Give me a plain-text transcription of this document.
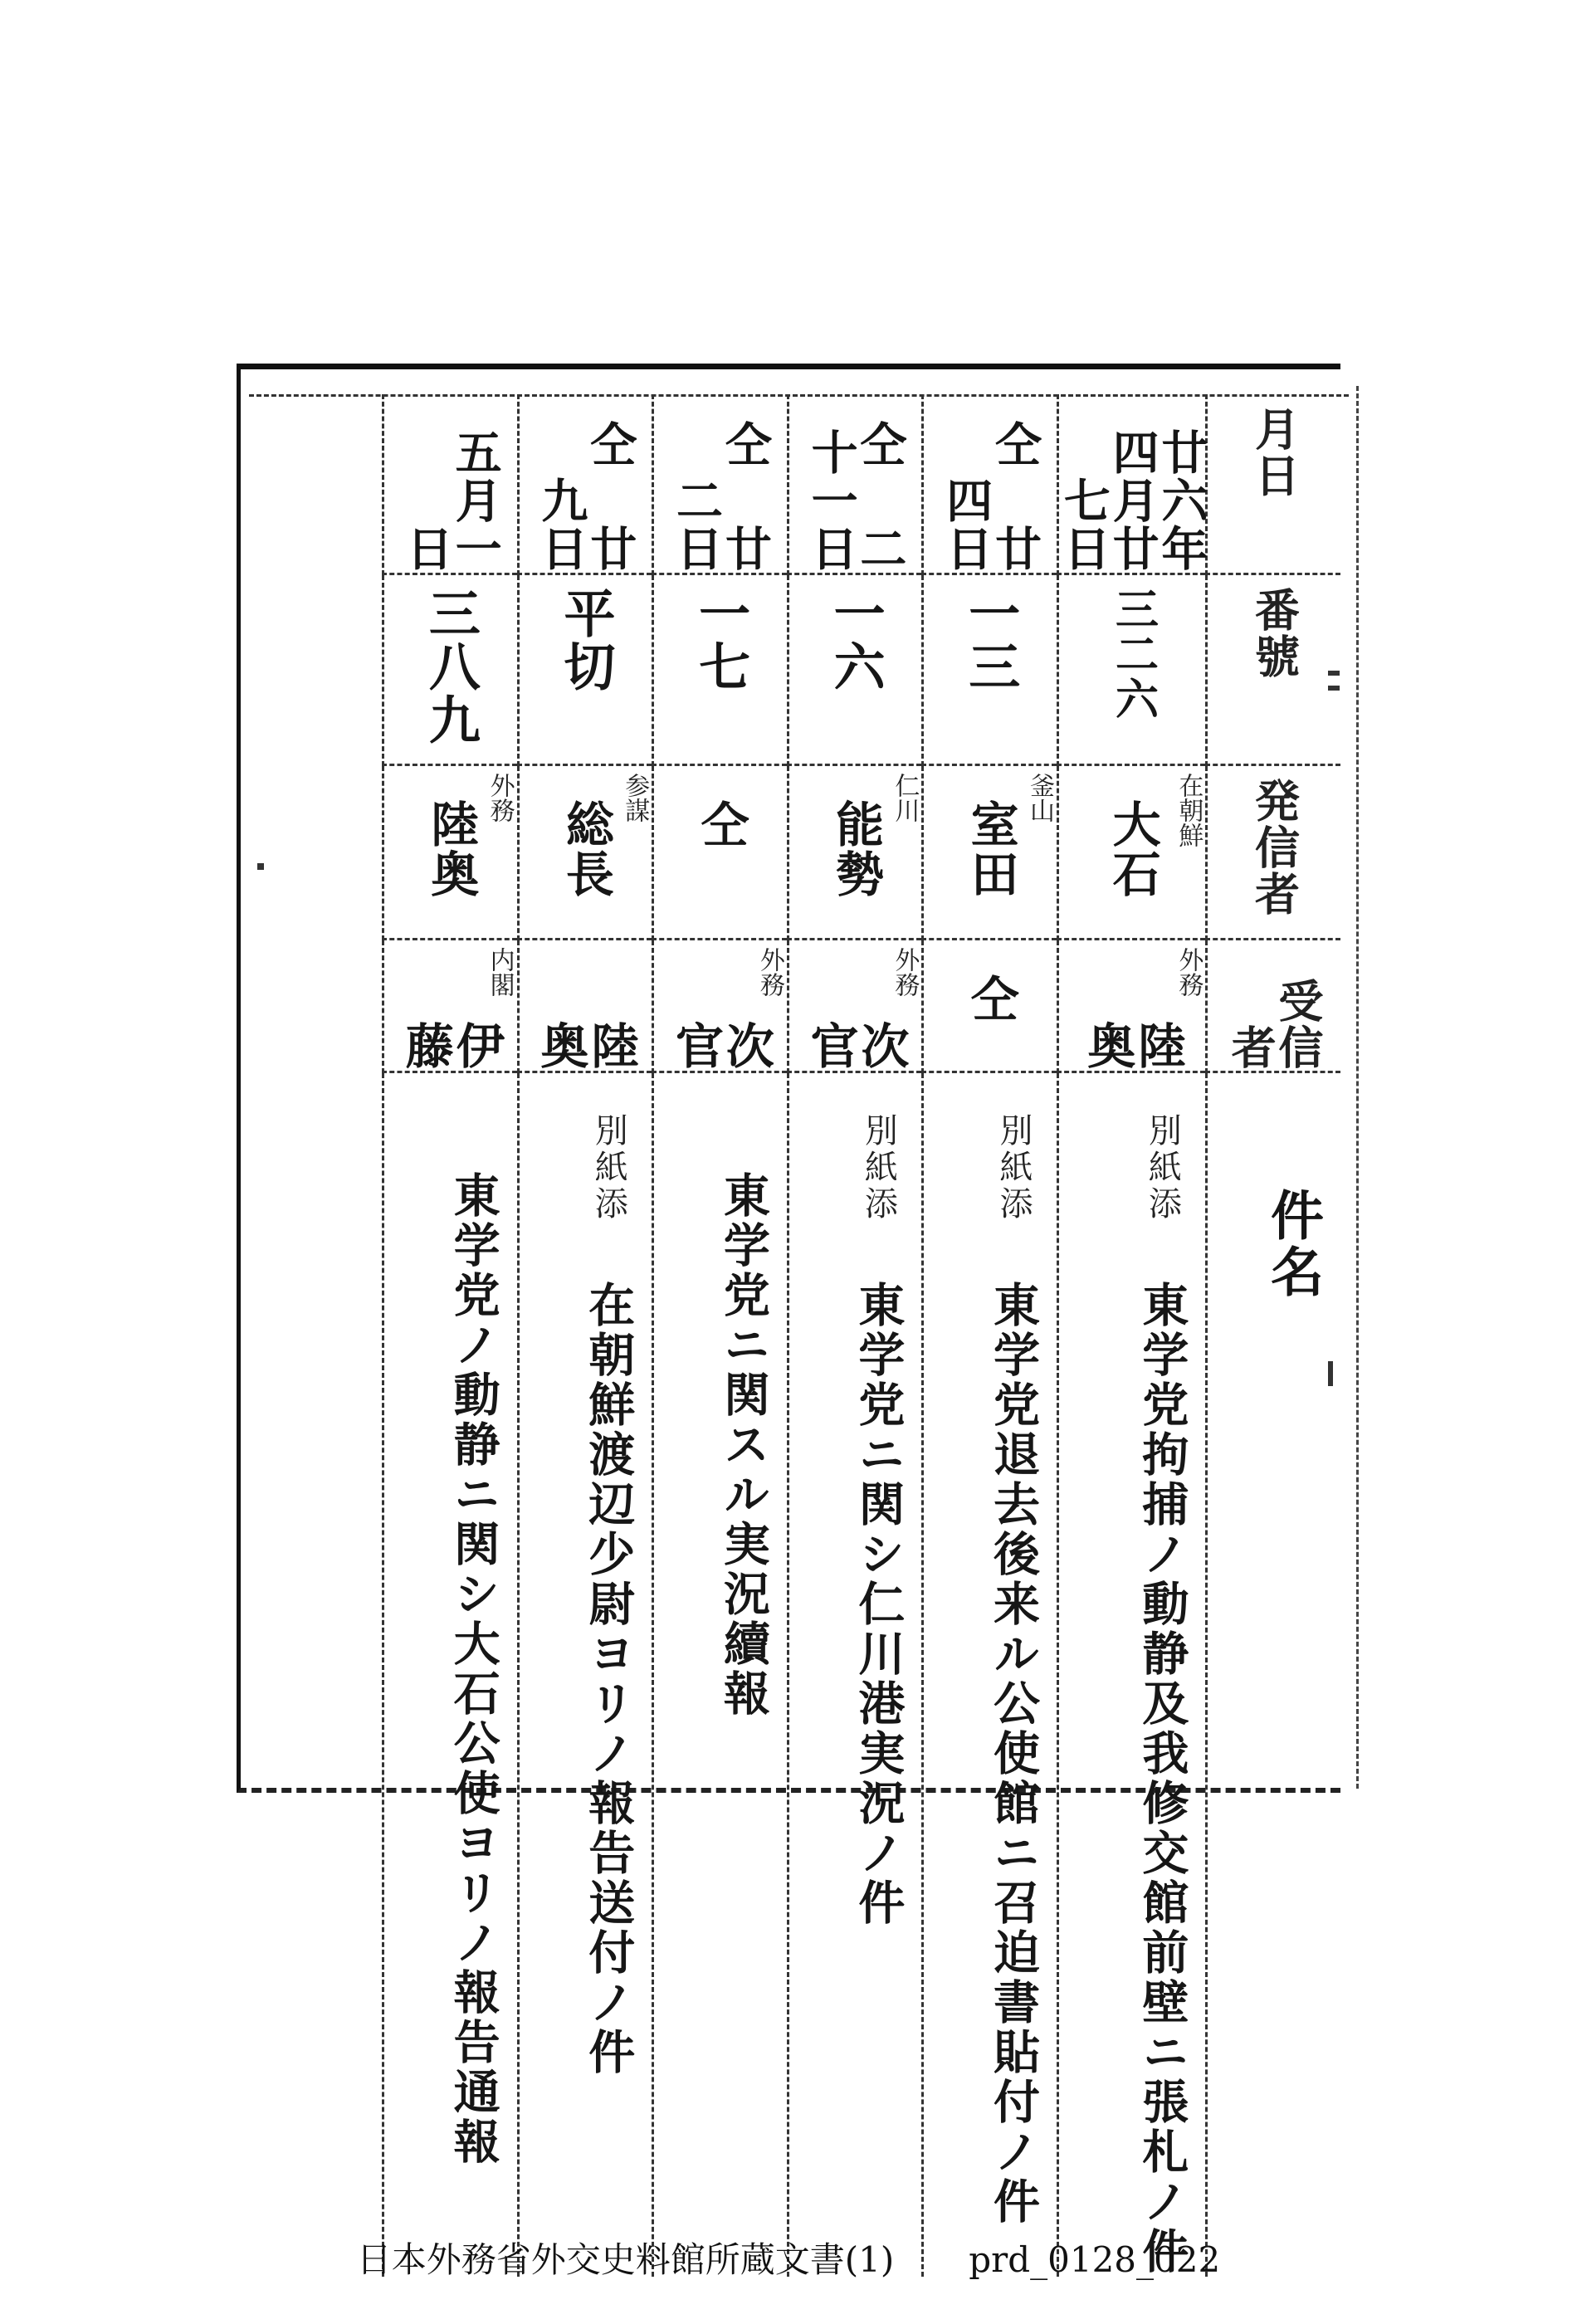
月日
廿六年四月廿七日
仝 廿四日
仝 二十一日
仝 廿二日
仝 廿九日
五月一日
番號
三二六
一三
一六
一七
平切
三八九
発信者
在朝鮮
大石
釜山
室田
仁川
能勢
仝
参謀
総長
外務
陸奥
受信者
外務
陸奥
仝
外務
次官
外務
次官
陸奥
内閣
伊藤
件名
東学党拘捕ノ動静及我修交館前壁ニ張札ノ件 別紙添
東学党退去後来ル公使館ニ召迫書貼付ノ件 別紙添
東学党ニ関シ仁川港実況ノ件 別紙添
東学党ニ関スル実況續報
在朝鮮渡辺少尉ヨリノ報告送付ノ件 別紙添
東学党ノ動静ニ関シ大石公使ヨリノ報告通報
日本外務省外交史料館所蔵文書(1) prd_0128_022
